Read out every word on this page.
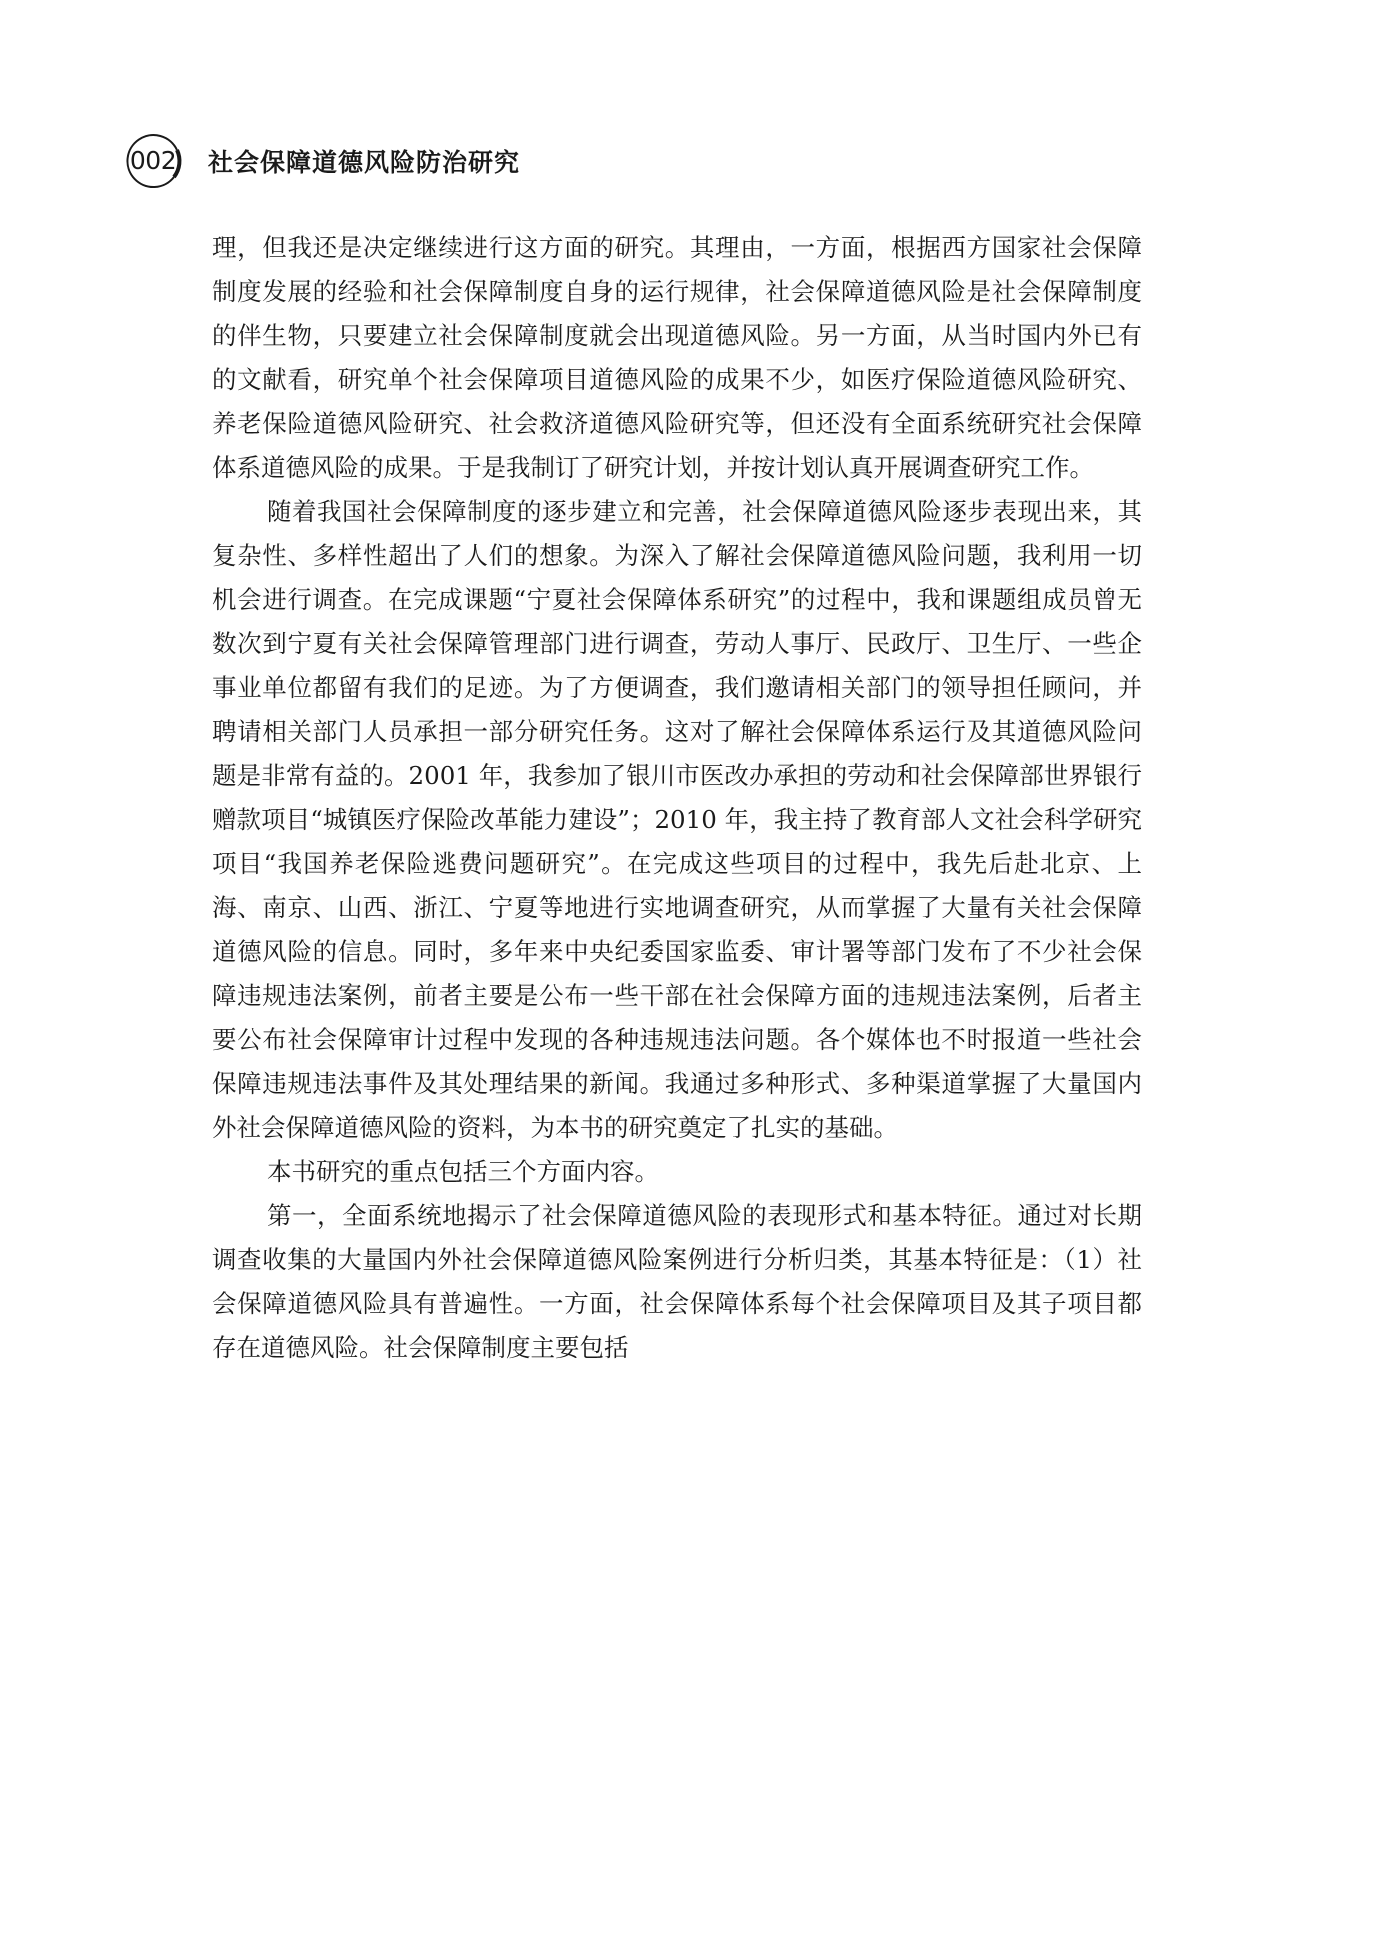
002	社会保障道德风险防治研究

理，但我还是决定继续进行这方面的研究。其理由，一方面，根据西方国家社会保障制度发展的经验和社会保障制度自身的运行规律，社会保障道德风险是社会保障制度的伴生物，只要建立社会保障制度就会出现道德风险。另一方面，从当时国内外已有的文献看，研究单个社会保障项目道德风险的成果不少，如医疗保险道德风险研究、养老保险道德风险研究、社会救济道德风险研究等，但还没有全面系统研究社会保障体系道德风险的成果。于是我制订了研究计划，并按计划认真开展调查研究工作。

随着我国社会保障制度的逐步建立和完善，社会保障道德风险逐步表现出来，其复杂性、多样性超出了人们的想象。为深入了解社会保障道德风险问题，我利用一切机会进行调查。在完成课题“宁夏社会保障体系研究”的过程中，我和课题组成员曾无数次到宁夏有关社会保障管理部门进行调查，劳动人事厅、民政厅、卫生厅、一些企事业单位都留有我们的足迹。为了方便调查，我们邀请相关部门的领导担任顾问，并聘请相关部门人员承担一部分研究任务。这对了解社会保障体系运行及其道德风险问题是非常有益的。2001 年，我参加了银川市医改办承担的劳动和社会保障部世界银行赠款项目“城镇医疗保险改革能力建设”；2010 年，我主持了教育部人文社会科学研究项目“我国养老保险逃费问题研究”。在完成这些项目的过程中，我先后赴北京、上海、南京、山西、浙江、宁夏等地进行实地调查研究，从而掌握了大量有关社会保障道德风险的信息。同时，多年来中央纪委国家监委、审计署等部门发布了不少社会保障违规违法案例，前者主要是公布一些干部在社会保障方面的违规违法案例，后者主要公布社会保障审计过程中发现的各种违规违法问题。各个媒体也不时报道一些社会保障违规违法事件及其处理结果的新闻。我通过多种形式、多种渠道掌握了大量国内外社会保障道德风险的资料，为本书的研究奠定了扎实的基础。

本书研究的重点包括三个方面内容。

第一，全面系统地揭示了社会保障道德风险的表现形式和基本特征。通过对长期调查收集的大量国内外社会保障道德风险案例进行分析归类，其基本特征是：（1）社会保障道德风险具有普遍性。一方面，社会保障体系每个社会保障项目及其子项目都存在道德风险。社会保障制度主要包括
